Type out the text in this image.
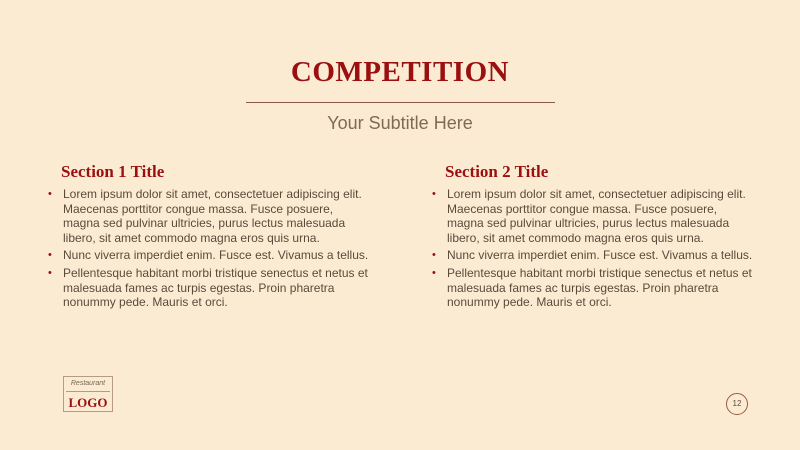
COMPETITION
Your Subtitle Here
Section 1 Title
• Lorem ipsum dolor sit amet, consectetuer adipiscing elit. Maecenas porttitor congue massa. Fusce posuere, magna sed pulvinar ultricies, purus lectus malesuada libero, sit amet commodo magna eros quis urna.
• Nunc viverra imperdiet enim. Fusce est. Vivamus a tellus.
• Pellentesque habitant morbi tristique senectus et netus et malesuada fames ac turpis egestas. Proin pharetra nonummy pede. Mauris et orci.
Section 2 Title
• Lorem ipsum dolor sit amet, consectetuer adipiscing elit. Maecenas porttitor congue massa. Fusce posuere, magna sed pulvinar ultricies, purus lectus malesuada libero, sit amet commodo magna eros quis urna.
• Nunc viverra imperdiet enim. Fusce est. Vivamus a tellus.
• Pellentesque habitant morbi tristique senectus et netus et malesuada fames ac turpis egestas. Proin pharetra nonummy pede. Mauris et orci.
Restaurant
LOGO	12
